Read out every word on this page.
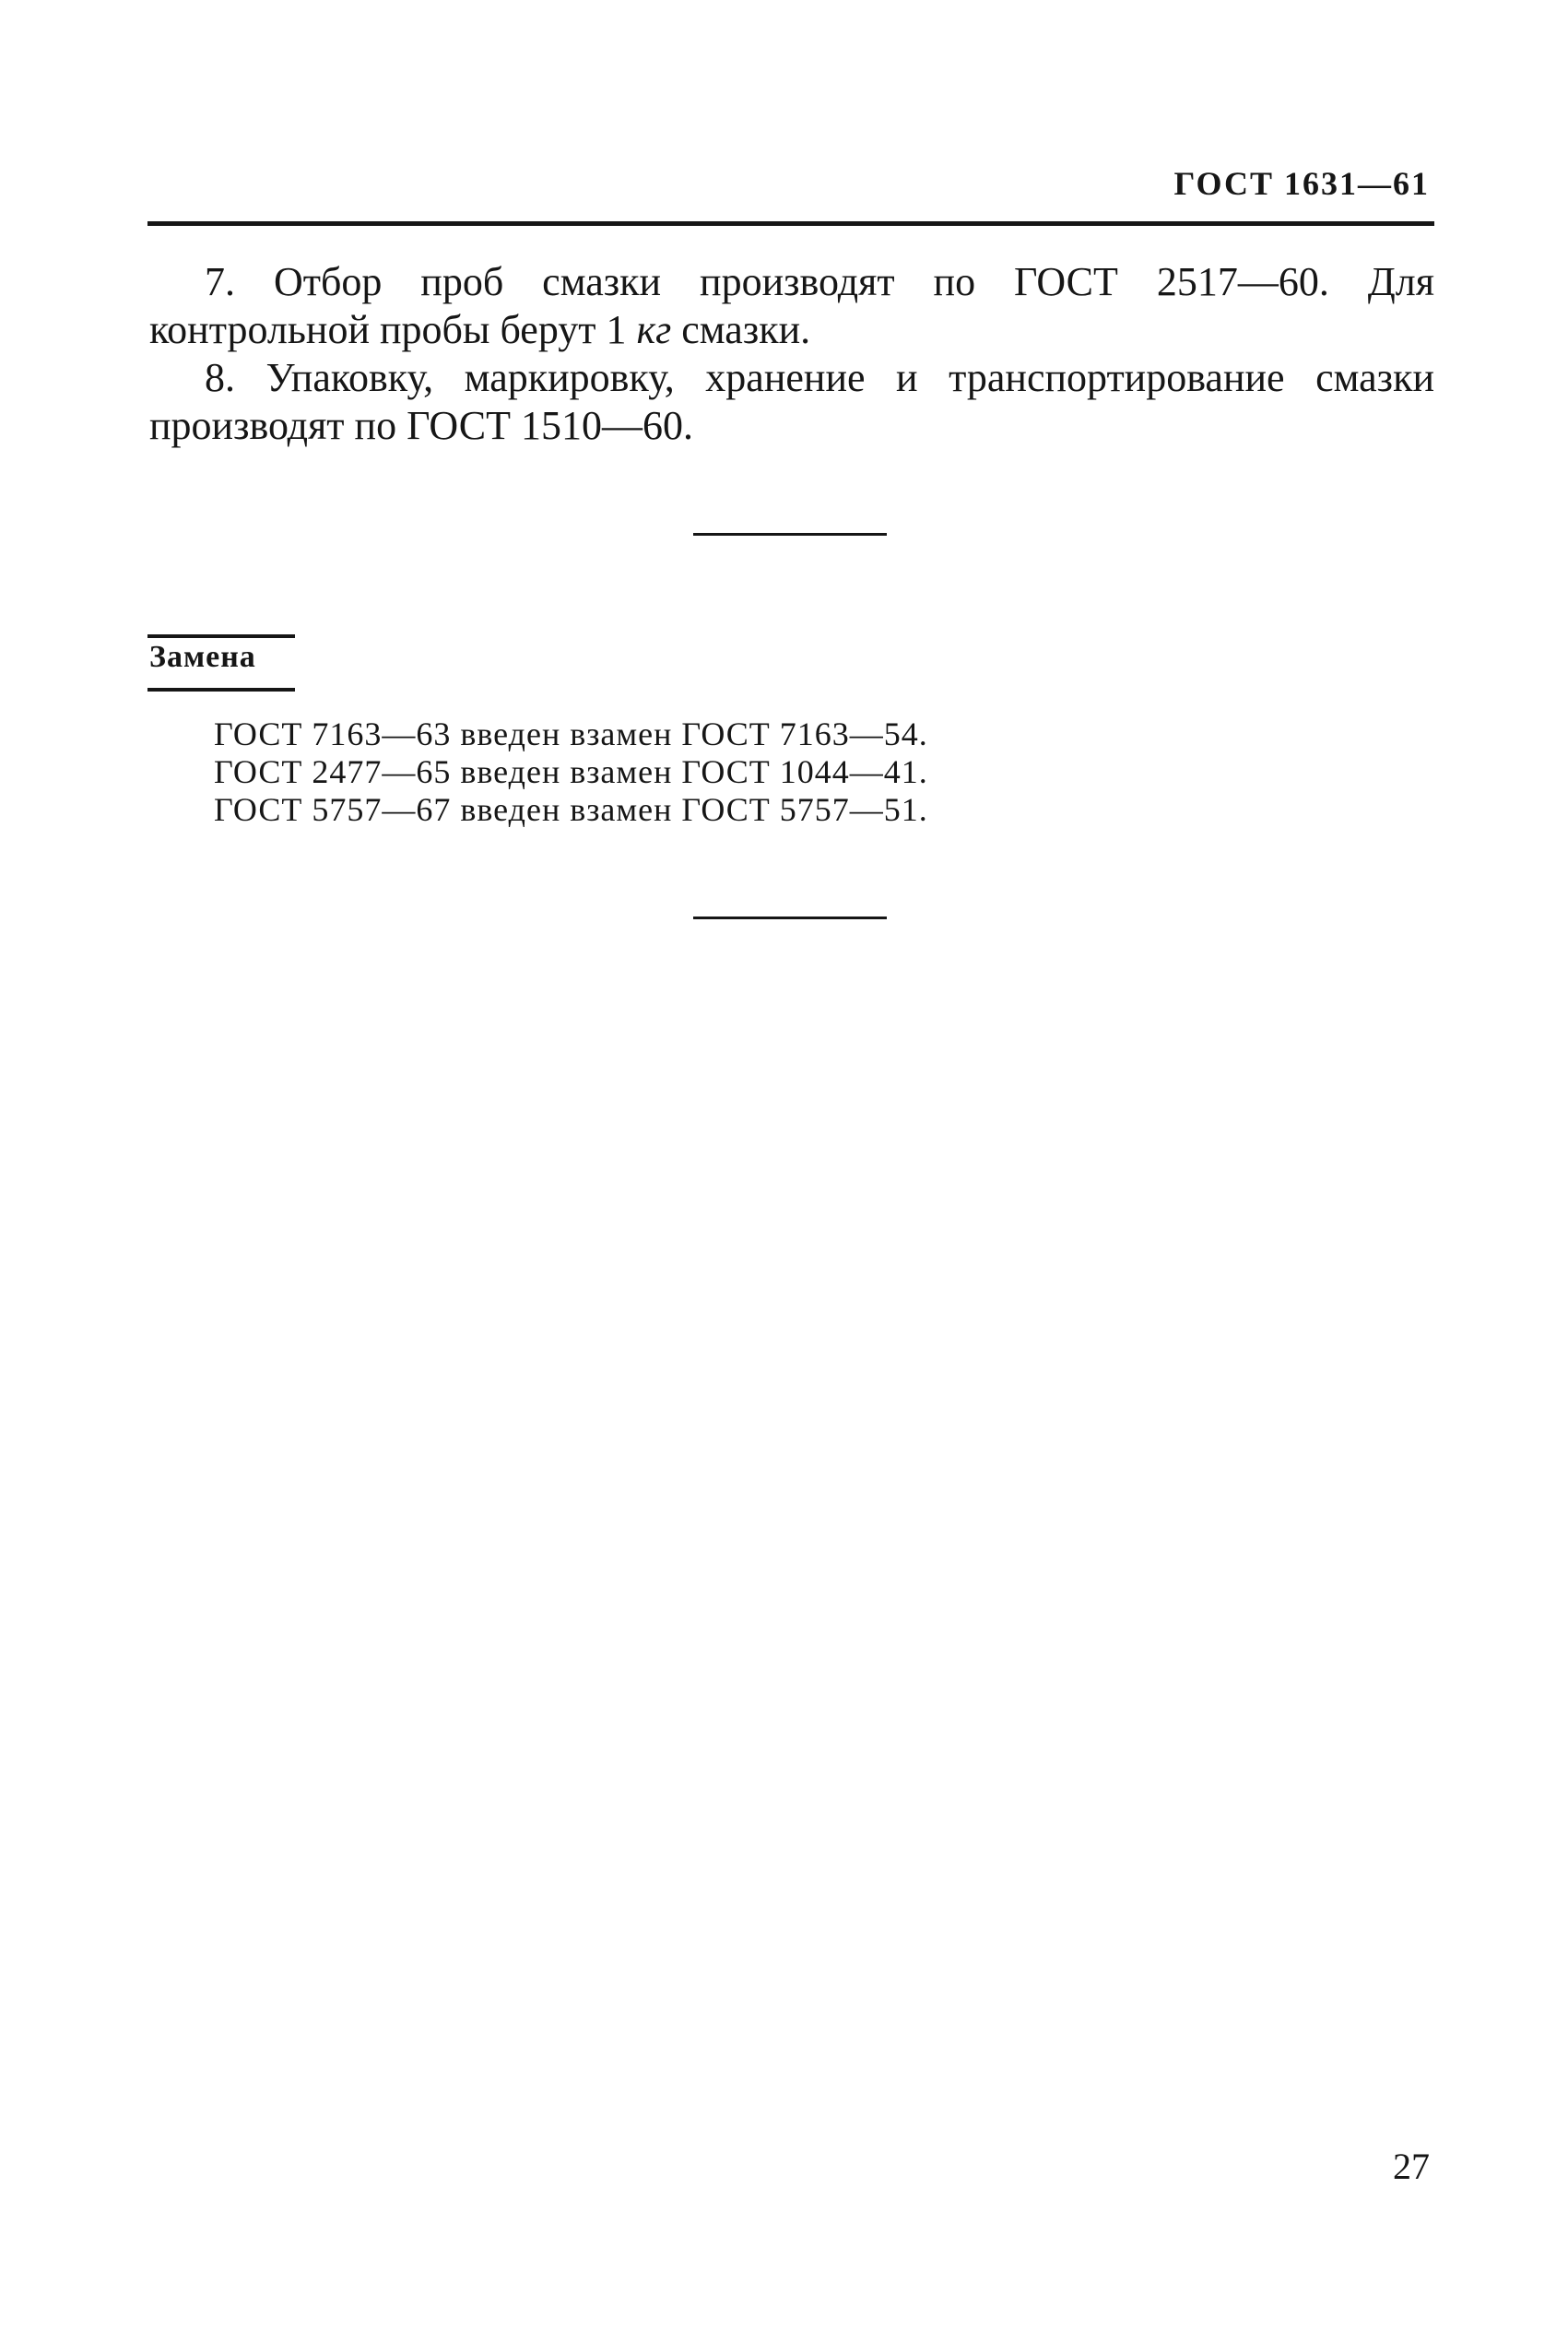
ГОСТ 1631—61

7. Отбор проб смазки производят по ГОСТ 2517—60. Для контрольной пробы берут 1 кг смазки.

8. Упаковку, маркировку, хранение и транспортирование смазки производят по ГОСТ 1510—60.

Замена
ГОСТ 7163—63 введен взамен ГОСТ 7163—54.
ГОСТ 2477—65 введен взамен ГОСТ 1044—41.
ГОСТ 5757—67 введен взамен ГОСТ 5757—51.
27
